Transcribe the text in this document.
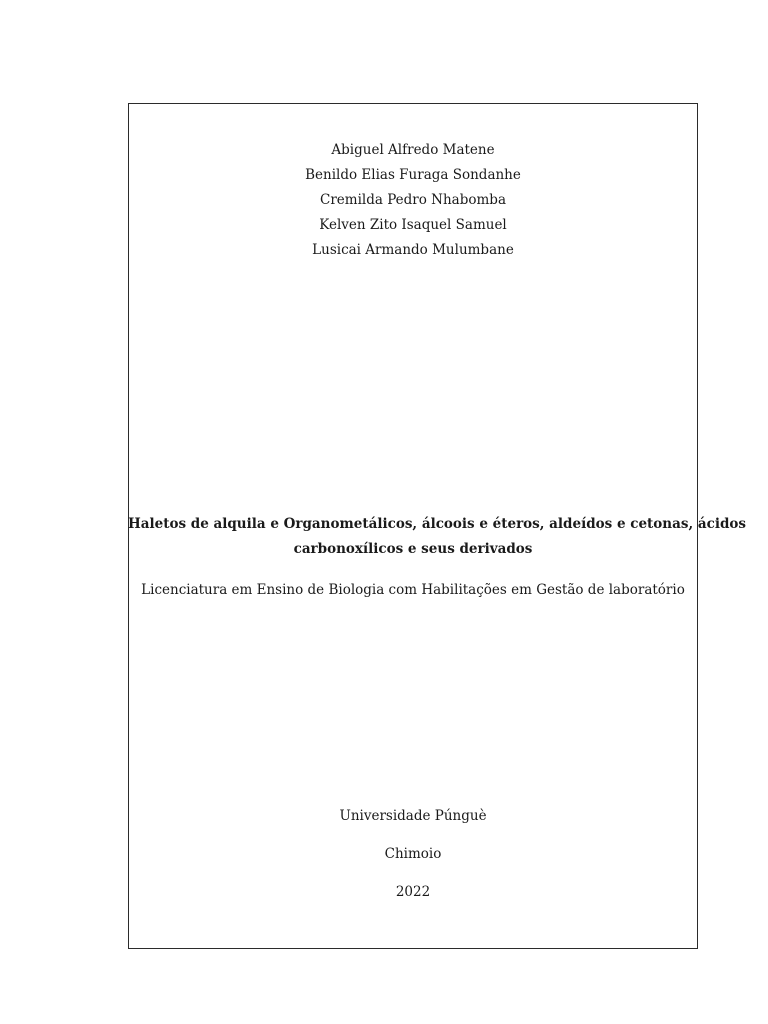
Abiguel Alfredo Matene
Benildo Elias Furaga Sondanhe
Cremilda Pedro Nhabomba
Kelven Zito Isaquel Samuel
Lusicai Armando Mulumbane
Haletos de alquila e Organometálicos, álcoois e éteros, aldeídos e cetonas, ácidos
carbonoxílicos e seus derivados
Licenciatura em Ensino de Biologia com Habilitações em Gestão de laboratório
Universidade Púnguè
Chimoio
2022
